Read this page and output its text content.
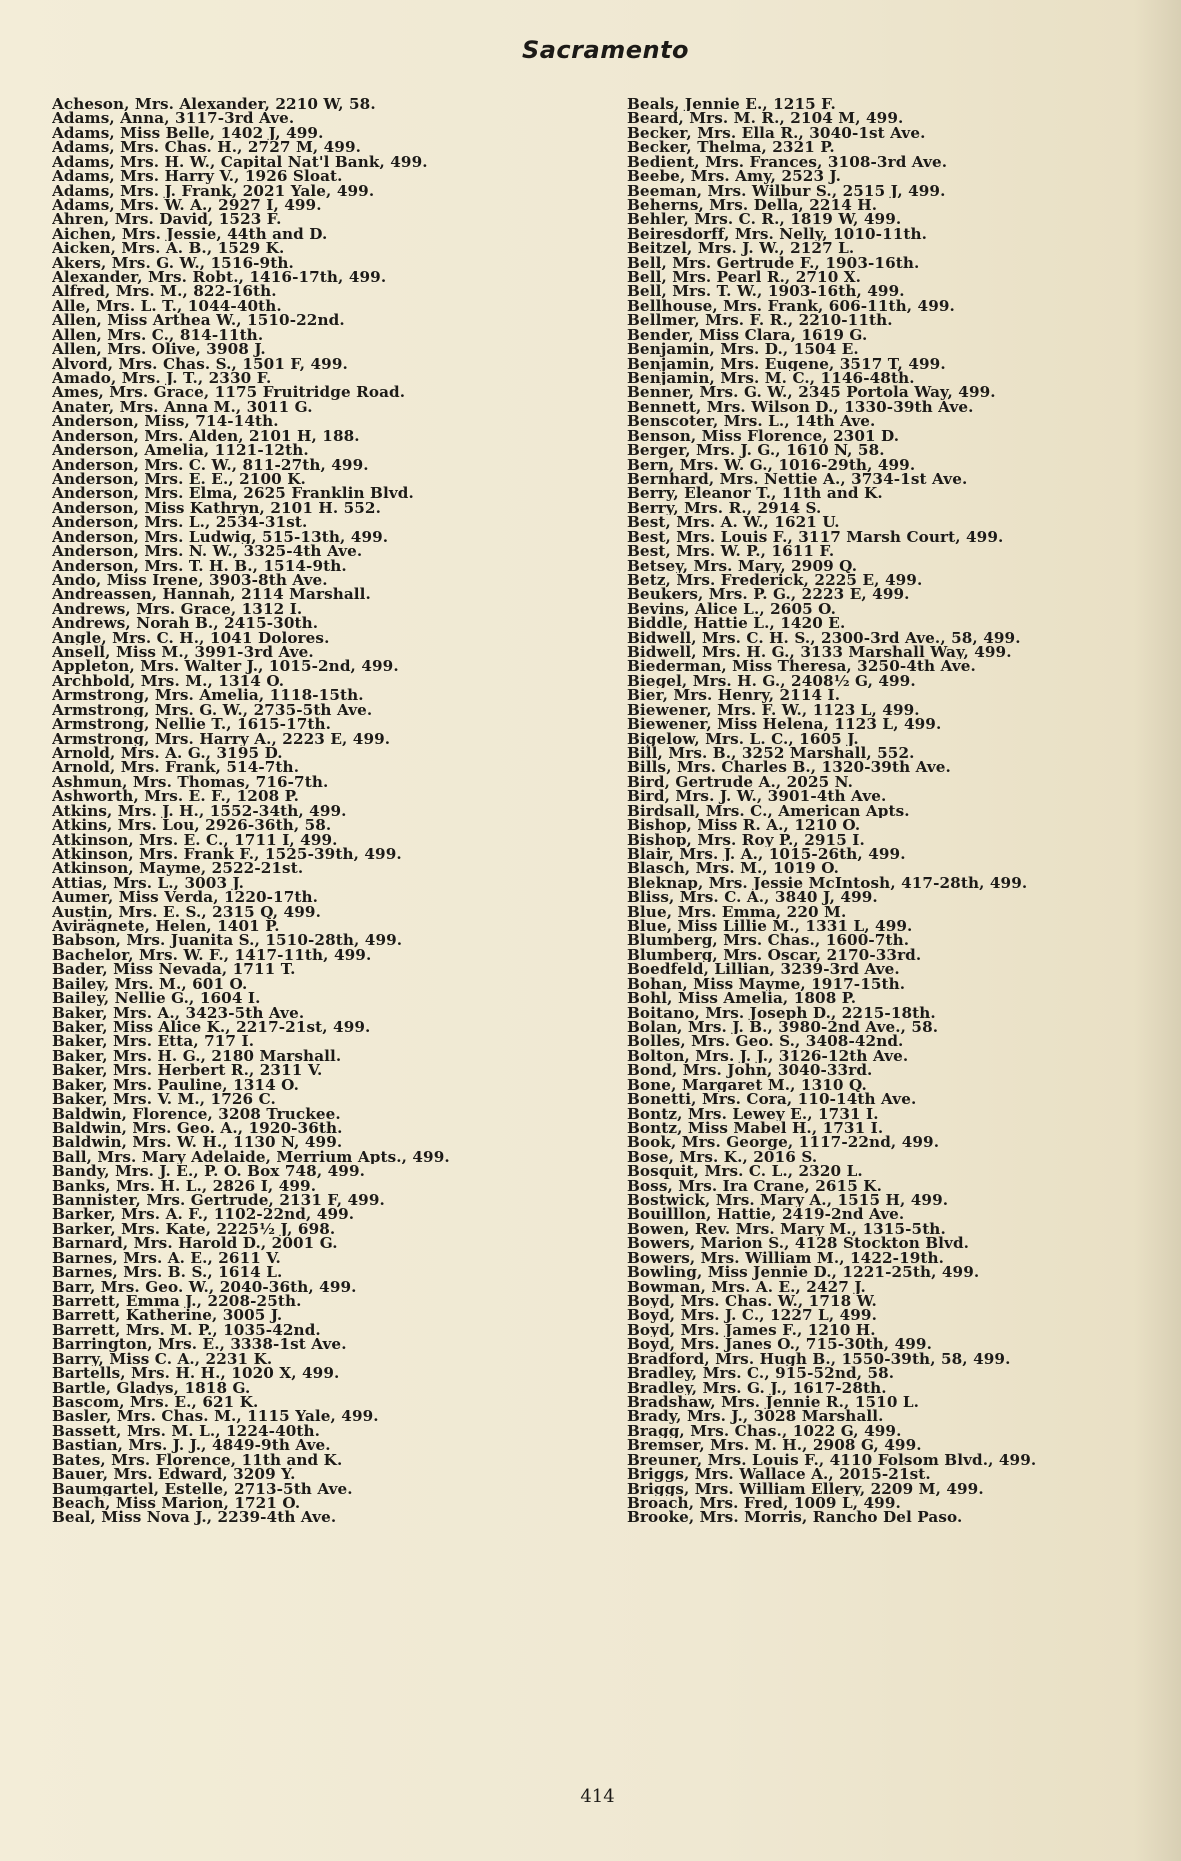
Sacramento
Acheson, Mrs. Alexander, 2210 W, 58.
Adams, Anna, 3117-3rd Ave.
Adams, Miss Belle, 1402 J, 499.
Adams, Mrs. Chas. H., 2727 M, 499.
Adams, Mrs. H. W., Capital Nat'l Bank, 499.
Adams, Mrs. Harry V., 1926 Sloat.
Adams, Mrs. J. Frank, 2021 Yale, 499.
Adams, Mrs. W. A., 2927 I, 499.
Ahren, Mrs. David, 1523 F.
Aichen, Mrs. Jessie, 44th and D.
Aicken, Mrs. A. B., 1529 K.
Akers, Mrs. G. W., 1516-9th.
Alexander, Mrs. Robt., 1416-17th, 499.
Alfred, Mrs. M., 822-16th.
Alle, Mrs. L. T., 1044-40th.
Allen, Miss Arthea W., 1510-22nd.
Allen, Mrs. C., 814-11th.
Allen, Mrs. Olive, 3908 J.
Alvord, Mrs. Chas. S., 1501 F, 499.
Amado, Mrs. J. T., 2330 F.
Ames, Mrs. Grace, 1175 Fruitridge Road.
Anater, Mrs. Anna M., 3011 G.
Anderson, Miss, 714-14th.
Anderson, Mrs. Alden, 2101 H, 188.
Anderson, Amelia, 1121-12th.
Anderson, Mrs. C. W., 811-27th, 499.
Anderson, Mrs. E. E., 2100 K.
Anderson, Mrs. Elma, 2625 Franklin Blvd.
Anderson, Miss Kathryn, 2101 H. 552.
Anderson, Mrs. L., 2534-31st.
Anderson, Mrs. Ludwig, 515-13th, 499.
Anderson, Mrs. N. W., 3325-4th Ave.
Anderson, Mrs. T. H. B., 1514-9th.
Ando, Miss Irene, 3903-8th Ave.
Andreassen, Hannah, 2114 Marshall.
Andrews, Mrs. Grace, 1312 I.
Andrews, Norah B., 2415-30th.
Angle, Mrs. C. H., 1041 Dolores.
Ansell, Miss M., 3991-3rd Ave.
Appleton, Mrs. Walter J., 1015-2nd, 499.
Archbold, Mrs. M., 1314 O.
Armstrong, Mrs. Amelia, 1118-15th.
Armstrong, Mrs. G. W., 2735-5th Ave.
Armstrong, Nellie T., 1615-17th.
Armstrong, Mrs. Harry A., 2223 E, 499.
Arnold, Mrs. A. G., 3195 D.
Arnold, Mrs. Frank, 514-7th.
Ashmun, Mrs. Thomas, 716-7th.
Ashworth, Mrs. E. F., 1208 P.
Atkins, Mrs. J. H., 1552-34th, 499.
Atkins, Mrs. Lou, 2926-36th, 58.
Atkinson, Mrs. E. C., 1711 I, 499.
Atkinson, Mrs. Frank F., 1525-39th, 499.
Atkinson, Mayme, 2522-21st.
Attias, Mrs. L., 3003 J.
Aumer, Miss Verda, 1220-17th.
Austin, Mrs. E. S., 2315 Q, 499.
Avirägnete, Helen, 1401 P.
Babson, Mrs. Juanita S., 1510-28th, 499.
Bachelor, Mrs. W. F., 1417-11th, 499.
Bader, Miss Nevada, 1711 T.
Bailey, Mrs. M., 601 O.
Bailey, Nellie G., 1604 I.
Baker, Mrs. A., 3423-5th Ave.
Baker, Miss Alice K., 2217-21st, 499.
Baker, Mrs. Etta, 717 I.
Baker, Mrs. H. G., 2180 Marshall.
Baker, Mrs. Herbert R., 2311 V.
Baker, Mrs. Pauline, 1314 O.
Baker, Mrs. V. M., 1726 C.
Baldwin, Florence, 3208 Truckee.
Baldwin, Mrs. Geo. A., 1920-36th.
Baldwin, Mrs. W. H., 1130 N, 499.
Ball, Mrs. Mary Adelaide, Merrium Apts., 499.
Bandy, Mrs. J. E., P. O. Box 748, 499.
Banks, Mrs. H. L., 2826 I, 499.
Bannister, Mrs. Gertrude, 2131 F, 499.
Barker, Mrs. A. F., 1102-22nd, 499.
Barker, Mrs. Kate, 2225½ J, 698.
Barnard, Mrs. Harold D., 2001 G.
Barnes, Mrs. A. E., 2611 V.
Barnes, Mrs. B. S., 1614 L.
Barr, Mrs. Geo. W., 2040-36th, 499.
Barrett, Emma J., 2208-25th.
Barrett, Katherine, 3005 J.
Barrett, Mrs. M. P., 1035-42nd.
Barrington, Mrs. E., 3338-1st Ave.
Barry, Miss C. A., 2231 K.
Bartells, Mrs. H. H., 1020 X, 499.
Bartle, Gladys, 1818 G.
Bascom, Mrs. E., 621 K.
Basler, Mrs. Chas. M., 1115 Yale, 499.
Bassett, Mrs. M. L., 1224-40th.
Bastian, Mrs. J. J., 4849-9th Ave.
Bates, Mrs. Florence, 11th and K.
Bauer, Mrs. Edward, 3209 Y.
Baumgartel, Estelle, 2713-5th Ave.
Beach, Miss Marion, 1721 O.
Beal, Miss Nova J., 2239-4th Ave.
Beals, Jennie E., 1215 F.
Beard, Mrs. M. R., 2104 M, 499.
Becker, Mrs. Ella R., 3040-1st Ave.
Becker, Thelma, 2321 P.
Bedient, Mrs. Frances, 3108-3rd Ave.
Beebe, Mrs. Amy, 2523 J.
Beeman, Mrs. Wilbur S., 2515 J, 499.
Beherns, Mrs. Della, 2214 H.
Behler, Mrs. C. R., 1819 W, 499.
Beiresdorff, Mrs. Nelly, 1010-11th.
Beitzel, Mrs. J. W., 2127 L.
Bell, Mrs. Gertrude F., 1903-16th.
Bell, Mrs. Pearl R., 2710 X.
Bell, Mrs. T. W., 1903-16th, 499.
Bellhouse, Mrs. Frank, 606-11th, 499.
Bellmer, Mrs. F. R., 2210-11th.
Bender, Miss Clara, 1619 G.
Benjamin, Mrs. D., 1504 E.
Benjamin, Mrs. Eugene, 3517 T, 499.
Benjamin, Mrs. M. C., 1146-48th.
Benner, Mrs. G. W., 2345 Portola Way, 499.
Bennett, Mrs. Wilson D., 1330-39th Ave.
Benscoter, Mrs. L., 14th Ave.
Benson, Miss Florence, 2301 D.
Berger, Mrs. J. G., 1610 N, 58.
Bern, Mrs. W. G., 1016-29th, 499.
Bernhard, Mrs. Nettie A., 3734-1st Ave.
Berry, Eleanor T., 11th and K.
Berry, Mrs. R., 2914 S.
Best, Mrs. A. W., 1621 U.
Best, Mrs. Louis F., 3117 Marsh Court, 499.
Best, Mrs. W. P., 1611 F.
Betsey, Mrs. Mary, 2909 Q.
Betz, Mrs. Frederick, 2225 E, 499.
Beukers, Mrs. P. G., 2223 E, 499.
Bevins, Alice L., 2605 O.
Biddle, Hattie L., 1420 E.
Bidwell, Mrs. C. H. S., 2300-3rd Ave., 58, 499.
Bidwell, Mrs. H. G., 3133 Marshall Way, 499.
Biederman, Miss Theresa, 3250-4th Ave.
Biegel, Mrs. H. G., 2408½ G, 499.
Bier, Mrs. Henry, 2114 I.
Biewener, Mrs. F. W., 1123 L, 499.
Biewener, Miss Helena, 1123 L, 499.
Bigelow, Mrs. L. C., 1605 J.
Bill, Mrs. B., 3252 Marshall, 552.
Bills, Mrs. Charles B., 1320-39th Ave.
Bird, Gertrude A., 2025 N.
Bird, Mrs. J. W., 3901-4th Ave.
Birdsall, Mrs. C., American Apts.
Bishop, Miss R. A., 1210 O.
Bishop, Mrs. Roy P., 2915 I.
Blair, Mrs. J. A., 1015-26th, 499.
Blasch, Mrs. M., 1019 O.
Bleknap, Mrs. Jessie McIntosh, 417-28th, 499.
Bliss, Mrs. C. A., 3840 J, 499.
Blue, Mrs. Emma, 220 M.
Blue, Miss Lillie M., 1331 L, 499.
Blumberg, Mrs. Chas., 1600-7th.
Blumberg, Mrs. Oscar, 2170-33rd.
Boedfeld, Lillian, 3239-3rd Ave.
Bohan, Miss Mayme, 1917-15th.
Bohl, Miss Amelia, 1808 P.
Boitano, Mrs. Joseph D., 2215-18th.
Bolan, Mrs. J. B., 3980-2nd Ave., 58.
Bolles, Mrs. Geo. S., 3408-42nd.
Bolton, Mrs. J. J., 3126-12th Ave.
Bond, Mrs. John, 3040-33rd.
Bone, Margaret M., 1310 Q.
Bonetti, Mrs. Cora, 110-14th Ave.
Bontz, Mrs. Lewey E., 1731 I.
Bontz, Miss Mabel H., 1731 I.
Book, Mrs. George, 1117-22nd, 499.
Bose, Mrs. K., 2016 S.
Bosquit, Mrs. C. L., 2320 L.
Boss, Mrs. Ira Crane, 2615 K.
Bostwick, Mrs. Mary A., 1515 H, 499.
Bouilllon, Hattie, 2419-2nd Ave.
Bowen, Rev. Mrs. Mary M., 1315-5th.
Bowers, Marion S., 4128 Stockton Blvd.
Bowers, Mrs. William M., 1422-19th.
Bowling, Miss Jennie D., 1221-25th, 499.
Bowman, Mrs. A. E., 2427 J.
Boyd, Mrs. Chas. W., 1718 W.
Boyd, Mrs. J. C., 1227 L, 499.
Boyd, Mrs. James F., 1210 H.
Boyd, Mrs. Janes O., 715-30th, 499.
Bradford, Mrs. Hugh B., 1550-39th, 58, 499.
Bradley, Mrs. C., 915-52nd, 58.
Bradley, Mrs. G. J., 1617-28th.
Bradshaw, Mrs. Jennie R., 1510 L.
Brady, Mrs. J., 3028 Marshall.
Bragg, Mrs. Chas., 1022 G, 499.
Bremser, Mrs. M. H., 2908 G, 499.
Breuner, Mrs. Louis F., 4110 Folsom Blvd., 499.
Briggs, Mrs. Wallace A., 2015-21st.
Briggs, Mrs. William Ellery, 2209 M, 499.
Broach, Mrs. Fred, 1009 L, 499.
Brooke, Mrs. Morris, Rancho Del Paso.
414
